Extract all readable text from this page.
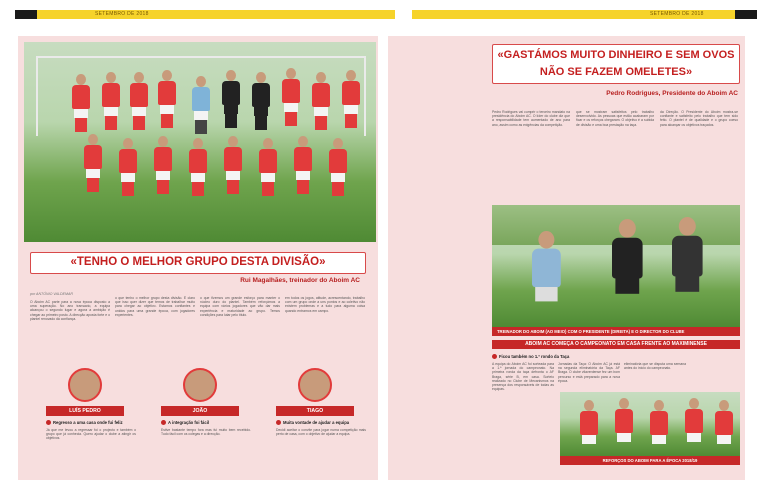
SETEMBRO DE 2018	SETEMBRO DE 2018
«TENHO O MELHOR GRUPO DESTA DIVISÃO»
Rui Magalhães, treinador do Aboim AC
por ANTÓNIO VALDEMAR
O Aboim AC parte para a nova época disposto a uma superação. No ano transacto, a equipa alcançou o segundo lugar e agora a ambição é chegar ao primeiro posto. A direcção aposta forte e o plantel renovado dá confiança.
o que tenho o melhor grupo desta divisão. É claro que isso quer dizer que temos de trabalhar muito para chegar ao objetivo. Estamos confiantes e unidos para uma grande época, com jogadores experientes.
o que fizemos um grande esforço para manter o núcleo duro do plantel. Também reforçámos a equipa com vários jogadores que vão dar mais experiência e maturidade ao grupo. Temos condições para lutar pelo título.
em todos os jogos, atitude, acrescentando, trabalho com um grupo onde a uns pontos e ao coletivo não existem problemas e a tudo para alguma coisa quando entramos em campo.
LUÍS PEDRO	JOÃO	TIAGO
Regresso a uma casa onde fui feliz	A integração foi fácil	Muita vontade de ajudar a equipa
Já que me levou a regressar foi o projecto e também o grupo que já conhecia. Quero ajudar o clube a atingir os objetivos.
Estive bastante tempo fora mas fui muito bem recebido. Tudo fácil com os colegas e a direcção.
Decidi aceitar o convite para jogar numa competição mais perto de casa, com o objetivo de ajudar a equipa.
«GASTÁMOS MUITO DINHEIRO E SEM OVOS NÃO SE FAZEM OMELETES»
Pedro Rodrigues, Presidente do Aboim AC
Pedro Rodrigues vai cumprir o terceiro mandato na presidência do Aboim AC. O líder do clube diz que a responsabilidade tem aumentado de ano para ano, assim como as exigências da competição.
que se mostram satisfeitos pelo trabalho desenvolvido. As pessoas que estão acabaram por ficar e os reforços chegaram. O objetivo é a subida de divisão e uma boa prestação na taça.
da Direção. O Presidente do Aboim mostra-se confiante e satisfeito pelo trabalho que tem sido feito. O plantel é de qualidade e o grupo coeso para alcançar os objetivos traçados.
TREINADOR DO ABOIM (AO MEIO) COM O PRESIDENTE (DIREITA) E O DIRECTOR DO CLUBE
ABOIM AC COMEÇA O CAMPEONATO EM CASA FRENTE AO MAXIMINENSE
Ficou também no 1.º rondo da Taça
A equipa do Aboim AC foi sorteada para a 1.ª jornada do campeonato. Na primeira ronda da taça defronta o AF Braga, série B, em casa. Sorteio realizado no Clube de Mecanismos na presença dos responsáveis de todas as equipas.
Jornadas da Taça: O Aboim AC já está na segunda eliminatória da Taça. AF Braga. O clube vilaverdense fez um bom percurso e está preparado para a nova época.
eliminatória que se disputa uma semana antes do início do campeonato.
REFORÇOS DO ABOIM PARA A ÉPOCA 2018/19
